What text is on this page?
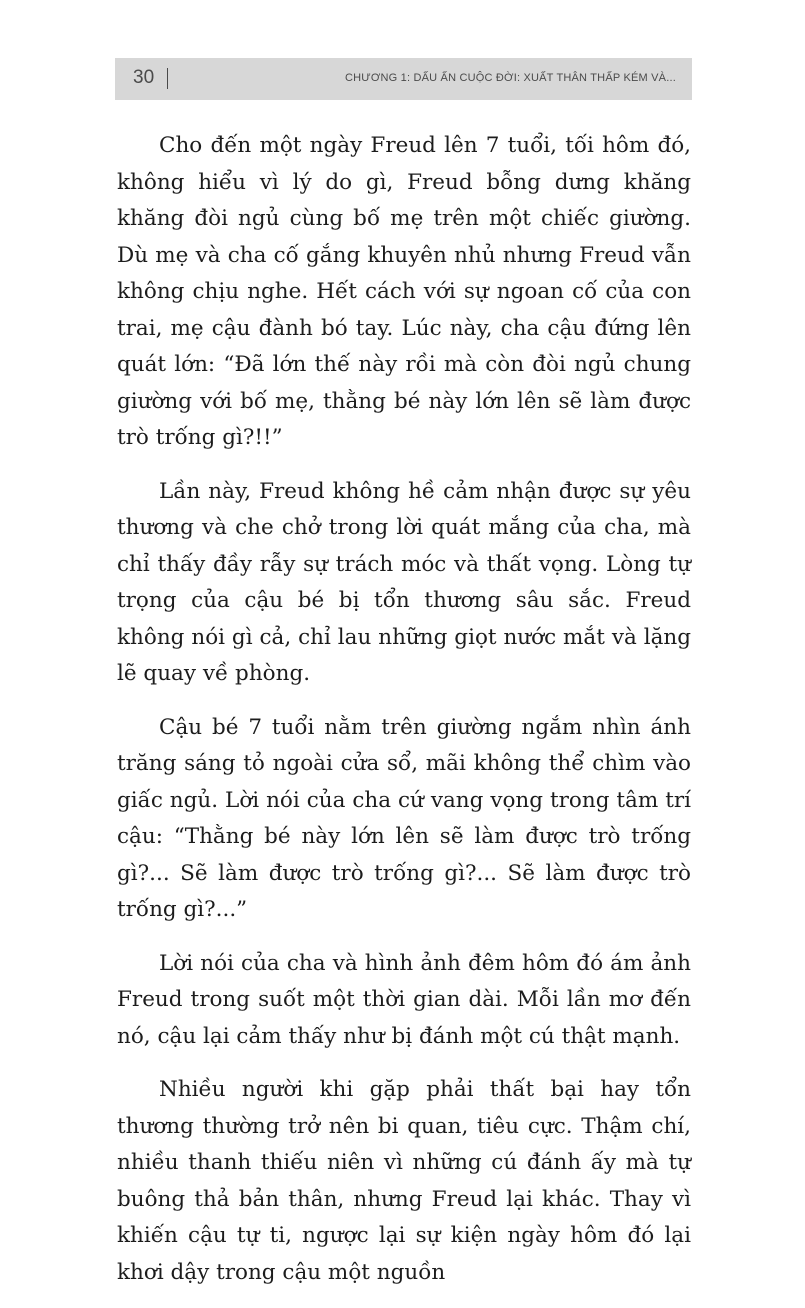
30	CHƯƠNG 1: DẤU ẤN CUỘC ĐỜI: XUẤT THÂN THẤP KÉM VÀ...

Cho đến một ngày Freud lên 7 tuổi, tối hôm đó, không hiểu vì lý do gì, Freud bỗng dưng khăng khăng đòi ngủ cùng bố mẹ trên một chiếc giường. Dù mẹ và cha cố gắng khuyên nhủ nhưng Freud vẫn không chịu nghe. Hết cách với sự ngoan cố của con trai, mẹ cậu đành bó tay. Lúc này, cha cậu đứng lên quát lớn: “Đã lớn thế này rồi mà còn đòi ngủ chung giường với bố mẹ, thằng bé này lớn lên sẽ làm được trò trống gì?!!”

Lần này, Freud không hề cảm nhận được sự yêu thương và che chở trong lời quát mắng của cha, mà chỉ thấy đầy rẫy sự trách móc và thất vọng. Lòng tự trọng của cậu bé bị tổn thương sâu sắc. Freud không nói gì cả, chỉ lau những giọt nước mắt và lặng lẽ quay về phòng.

Cậu bé 7 tuổi nằm trên giường ngắm nhìn ánh trăng sáng tỏ ngoài cửa sổ, mãi không thể chìm vào giấc ngủ. Lời nói của cha cứ vang vọng trong tâm trí cậu: “Thằng bé này lớn lên sẽ làm được trò trống gì?... Sẽ làm được trò trống gì?... Sẽ làm được trò trống gì?...”

Lời nói của cha và hình ảnh đêm hôm đó ám ảnh Freud trong suốt một thời gian dài. Mỗi lần mơ đến nó, cậu lại cảm thấy như bị đánh một cú thật mạnh.

Nhiều người khi gặp phải thất bại hay tổn thương thường trở nên bi quan, tiêu cực. Thậm chí, nhiều thanh thiếu niên vì những cú đánh ấy mà tự buông thả bản thân, nhưng Freud lại khác. Thay vì khiến cậu tự ti, ngược lại sự kiện ngày hôm đó lại khơi dậy trong cậu một nguồn
